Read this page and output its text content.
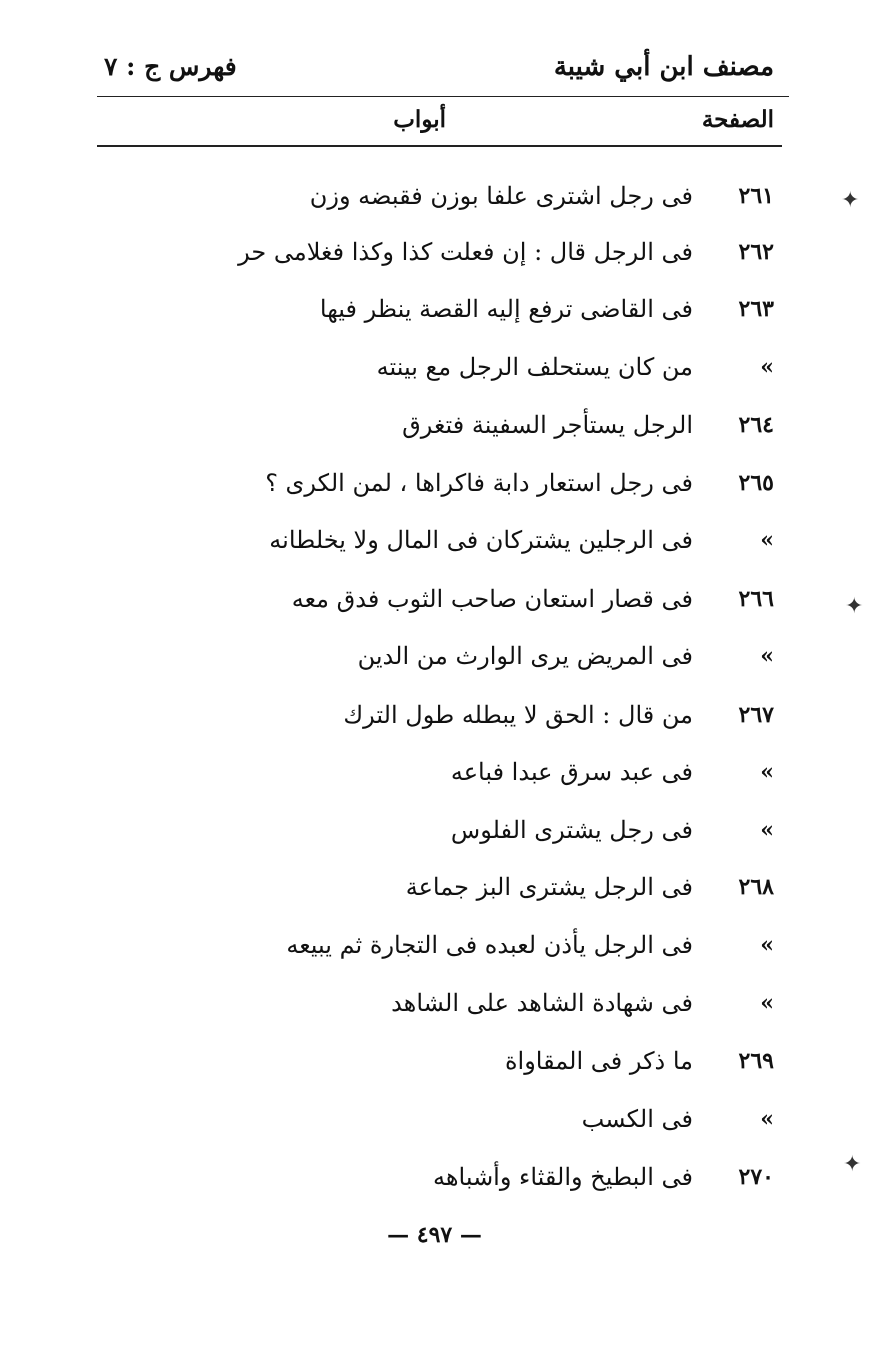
مصنف ابن أبي شيبة
فهرس ج : ٧
الصفحة
أبواب
٢٦١
فى رجل اشترى علفا بوزن فقبضه وزن
٢٦٢
فى الرجل قال : إن فعلت كذا وكذا فغلامى حر
٢٦٣
فى القاضى ترفع إليه القصة ينظر فيها
»
من كان يستحلف الرجل مع بينته
٢٦٤
الرجل يستأجر السفينة فتغرق
٢٦٥
فى رجل استعار دابة فاكراها ، لمن الكرى ؟
»
فى الرجلين يشتركان فى المال ولا يخلطانه
٢٦٦
فى قصار استعان صاحب الثوب فدق معه
»
فى المريض يرى الوارث من الدين
٢٦٧
من قال : الحق لا يبطله طول الترك
»
فى عبد سرق عبدا فباعه
»
فى رجل يشترى الفلوس
٢٦٨
فى الرجل يشترى البز جماعة
»
فى الرجل يأذن لعبده فى التجارة ثم يبيعه
»
فى شهادة الشاهد على الشاهد
٢٦٩
ما ذكر فى المقاواة
»
فى الكسب
٢٧٠
فى البطيخ والقثاء وأشباهه
— ٤٩٧ —
✦
✦
✦
